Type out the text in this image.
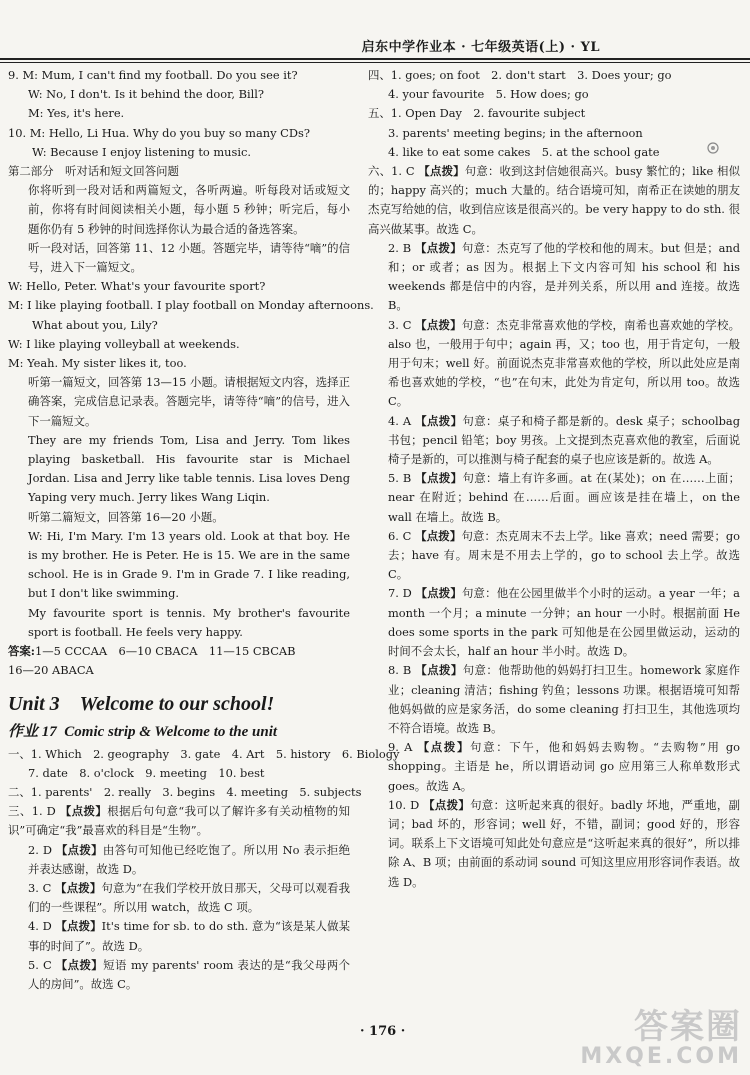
启东中学作业本 · 七年级英语(上) · YL
9. M: Mum, I can't find my football. Do you see it?
W: No, I don't. Is it behind the door, Bill?
M: Yes, it's here.
10. M: Hello, Li Hua. Why do you buy so many CDs?
W: Because I enjoy listening to music.
第二部分　听对话和短文回答问题
你将听到一段对话和两篇短文，各听两遍。听每段对话或短文前，你将有时间阅读相关小题，每小题 5 秒钟；听完后，每小题你仍有 5 秒钟的时间选择你认为最合适的备选答案。
听一段对话，回答第 11、12 小题。答题完毕，请等待“嘀”的信号，进入下一篇短文。
W: Hello, Peter. What's your favourite sport?
M: I like playing football. I play football on Monday afternoons.
What about you, Lily?
W: I like playing volleyball at weekends.
M: Yeah. My sister likes it, too.
听第一篇短文，回答第 13—15 小题。请根据短文内容，选择正确答案，完成信息记录表。答题完毕，请等待“嘀”的信号，进入下一篇短文。
They are my friends Tom, Lisa and Jerry. Tom likes playing basketball. His favourite star is Michael Jordan. Lisa and Jerry like table tennis. Lisa loves Deng Yaping very much. Jerry likes Wang Liqin.
听第二篇短文，回答第 16—20 小题。
W: Hi, I'm Mary. I'm 13 years old. Look at that boy. He is my brother. He is Peter. He is 15. We are in the same school. He is in Grade 9. I'm in Grade 7. I like reading, but I don't like swimming.
My favourite sport is tennis. My brother's favourite sport is football. He feels very happy.
答案:1—5 CCCAA　6—10 CBACA　11—15 CBCAB
16—20 ABACA
Unit 3　Welcome to our school!
作业 17 Comic strip & Welcome to the unit
一、1. Which　2. geography　3. gate　4. Art　5. history　6. Biology
7. date　8. o'clock　9. meeting　10. best
二、1. parents'　2. really　3. begins　4. meeting　5. subjects
三、1. D 【点拨】根据后句句意“我可以了解许多有关动植物的知识”可确定“我”最喜欢的科目是“生物”。
2. D 【点拨】由答句可知他已经吃饱了。所以用 No 表示拒绝并表达感谢，故选 D。
3. C 【点拨】句意为“在我们学校开放日那天，父母可以观看我们的一些课程”。所以用 watch，故选 C 项。
4. D 【点拨】It's time for sb. to do sth. 意为“该是某人做某事的时间了”。故选 D。
5. C 【点拨】短语 my parents' room 表达的是“我父母两个人的房间”。故选 C。
四、1. goes; on foot　2. don't start　3. Does your; go
4. your favourite　5. How does; go
五、1. Open Day　2. favourite subject
3. parents' meeting begins; in the afternoon
4. like to eat some cakes　5. at the school gate
六、1. C 【点拨】句意：收到这封信她很高兴。busy 繁忙的；like 相似的；happy 高兴的；much 大量的。结合语境可知，南希正在读她的朋友杰克写给她的信，收到信应该是很高兴的。be very happy to do sth. 很高兴做某事。故选 C。
2. B 【点拨】句意：杰克写了他的学校和他的周末。but 但是；and 和；or 或者；as 因为。根据上下文内容可知 his school 和 his weekends 都是信中的内容，是并列关系，所以用 and 连接。故选 B。
3. C 【点拨】句意：杰克非常喜欢他的学校，南希也喜欢她的学校。also 也，一般用于句中；again 再，又；too 也，用于肯定句，一般用于句末；well 好。前面说杰克非常喜欢他的学校，所以此处应是南希也喜欢她的学校，“也”在句末，此处为肯定句，所以用 too。故选 C。
4. A 【点拨】句意：桌子和椅子都是新的。desk 桌子；schoolbag 书包；pencil 铅笔；boy 男孩。上文提到杰克喜欢他的教室，后面说椅子是新的，可以推测与椅子配套的桌子也应该是新的。故选 A。
5. B 【点拨】句意：墙上有许多画。at 在(某处)；on 在……上面；near 在附近；behind 在……后面。画应该是挂在墙上，on the wall 在墙上。故选 B。
6. C 【点拨】句意：杰克周末不去上学。like 喜欢；need 需要；go 去；have 有。周末是不用去上学的，go to school 去上学。故选 C。
7. D 【点拨】句意：他在公园里做半个小时的运动。a year 一年；a month 一个月；a minute 一分钟；an hour 一小时。根据前面 He does some sports in the park 可知他是在公园里做运动，运动的时间不会太长，half an hour 半小时。故选 D。
8. B 【点拨】句意：他帮助他的妈妈打扫卫生。homework 家庭作业；cleaning 清洁；fishing 钓鱼；lessons 功课。根据语境可知帮他妈妈做的应是家务活，do some cleaning 打扫卫生，其他选项均不符合语境。故选 B。
9. A 【点拨】句意：下午，他和妈妈去购物。“去购物”用 go shopping。主语是 he，所以谓语动词 go 应用第三人称单数形式 goes。故选 A。
10. D 【点拨】句意：这听起来真的很好。badly 坏地，严重地，副词；bad 坏的，形容词；well 好，不错，副词；good 好的，形容词。联系上下文语境可知此处句意应是“这听起来真的很好”，所以排除 A、B 项；由前面的系动词 sound 可知这里应用形容词作表语。故选 D。
· 176 ·	答案圈
MXQE.COM
